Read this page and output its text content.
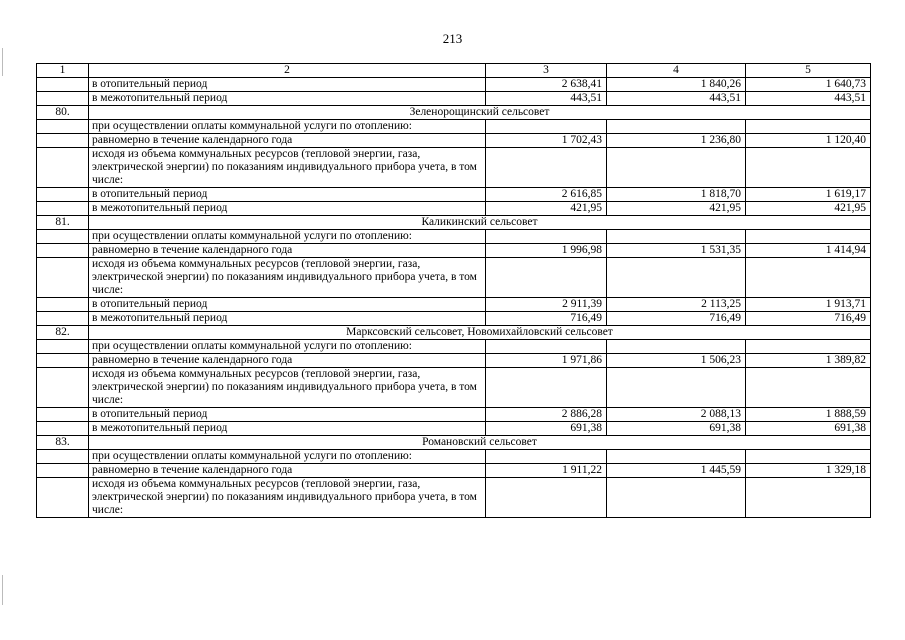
213
1	2	3	4	5
	в отопительный период	2 638,41	1 840,26	1 640,73
	в межотопительный период	443,51	443,51	443,51
80.	Зеленорощинский сельсовет			
	при осуществлении оплаты коммунальной услуги по отоплению:			
	равномерно в течение календарного года	1 702,43	1 236,80	1 120,40
	исходя из объема коммунальных ресурсов (тепловой энергии, газа, электрической энергии) по показаниям индивидуального прибора учета, в том числе:			
	в отопительный период	2 616,85	1 818,70	1 619,17
	в межотопительный период	421,95	421,95	421,95
81.	Каликинский сельсовет			
	при осуществлении оплаты коммунальной услуги по отоплению:			
	равномерно в течение календарного года	1 996,98	1 531,35	1 414,94
	исходя из объема коммунальных ресурсов (тепловой энергии, газа, электрической энергии) по показаниям индивидуального прибора учета, в том числе:			
	в отопительный период	2 911,39	2 113,25	1 913,71
	в межотопительный период	716,49	716,49	716,49
82.	Марксовский сельсовет, Новомихайловский сельсовет			
	при осуществлении оплаты коммунальной услуги по отоплению:			
	равномерно в течение календарного года	1 971,86	1 506,23	1 389,82
	исходя из объема коммунальных ресурсов (тепловой энергии, газа, электрической энергии) по показаниям индивидуального прибора учета, в том числе:			
	в отопительный период	2 886,28	2 088,13	1 888,59
	в межотопительный период	691,38	691,38	691,38
83.	Романовский сельсовет			
	при осуществлении оплаты коммунальной услуги по отоплению:			
	равномерно в течение календарного года	1 911,22	1 445,59	1 329,18
	исходя из объема коммунальных ресурсов (тепловой энергии, газа, электрической энергии) по показаниям индивидуального прибора учета, в том числе:			
